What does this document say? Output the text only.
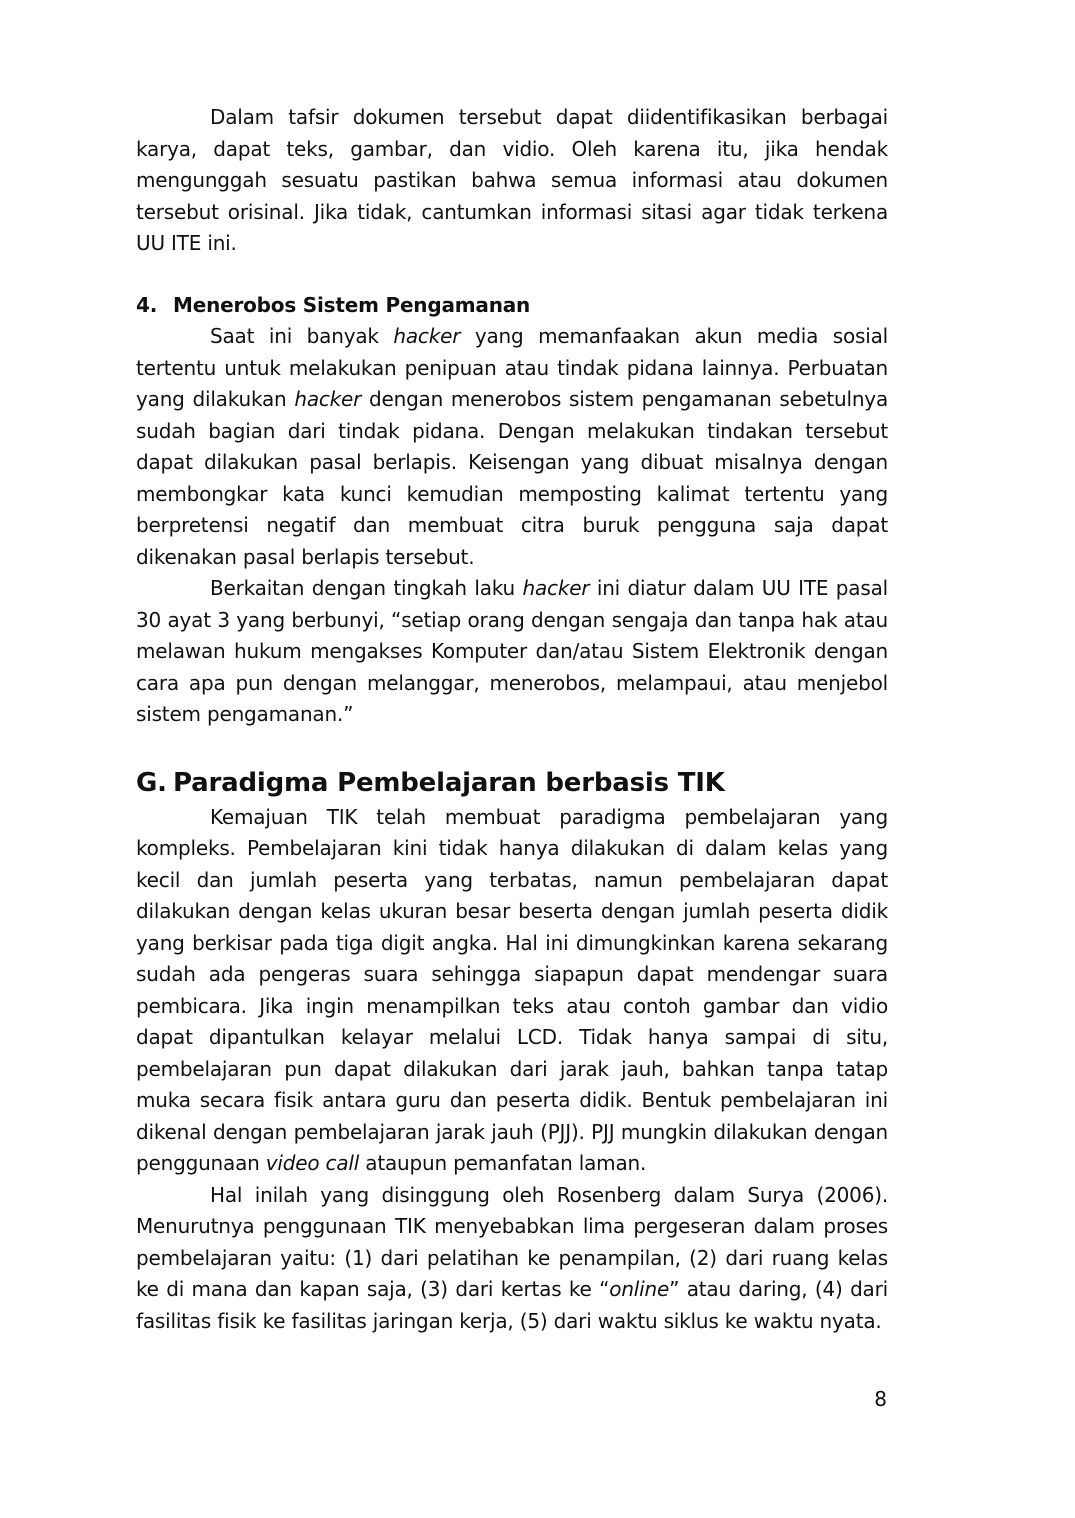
Dalam tafsir dokumen tersebut dapat diidentifikasikan berbagai karya, dapat teks, gambar, dan vidio. Oleh karena itu, jika hendak mengunggah sesuatu pastikan bahwa semua informasi atau dokumen tersebut orisinal. Jika tidak, cantumkan informasi sitasi agar tidak terkena UU ITE ini.

4. Menerobos Sistem Pengamanan

Saat ini banyak hacker yang memanfaakan akun media sosial tertentu untuk melakukan penipuan atau tindak pidana lainnya. Perbuatan yang dilakukan hacker dengan menerobos sistem pengamanan sebetulnya sudah bagian dari tindak pidana. Dengan melakukan tindakan tersebut dapat dilakukan pasal berlapis. Keisengan yang dibuat misalnya dengan membongkar kata kunci kemudian memposting kalimat tertentu yang berpretensi negatif dan membuat citra buruk pengguna saja dapat dikenakan pasal berlapis tersebut.

Berkaitan dengan tingkah laku hacker ini diatur dalam UU ITE pasal 30 ayat 3 yang berbunyi, “setiap orang dengan sengaja dan tanpa hak atau melawan hukum mengakses Komputer dan/atau Sistem Elektronik dengan cara apa pun dengan melanggar, menerobos, melampaui, atau menjebol sistem pengamanan.”

G. Paradigma Pembelajaran berbasis TIK

Kemajuan TIK telah membuat paradigma pembelajaran yang kompleks. Pembelajaran kini tidak hanya dilakukan di dalam kelas yang kecil dan jumlah peserta yang terbatas, namun pembelajaran dapat dilakukan dengan kelas ukuran besar beserta dengan jumlah peserta didik yang berkisar pada tiga digit angka. Hal ini dimungkinkan karena sekarang sudah ada pengeras suara sehingga siapapun dapat mendengar suara pembicara. Jika ingin menampilkan teks atau contoh gambar dan vidio dapat dipantulkan kelayar melalui LCD. Tidak hanya sampai di situ, pembelajaran pun dapat dilakukan dari jarak jauh, bahkan tanpa tatap muka secara fisik antara guru dan peserta didik. Bentuk pembelajaran ini dikenal dengan pembelajaran jarak jauh (PJJ). PJJ mungkin dilakukan dengan penggunaan video call ataupun pemanfatan laman.

Hal inilah yang disinggung oleh Rosenberg dalam Surya (2006). Menurutnya penggunaan TIK menyebabkan lima pergeseran dalam proses pembelajaran yaitu: (1) dari pelatihan ke penampilan, (2) dari ruang kelas ke di mana dan kapan saja, (3) dari kertas ke “online” atau daring, (4) dari fasilitas fisik ke fasilitas jaringan kerja, (5) dari waktu siklus ke waktu nyata.

8
